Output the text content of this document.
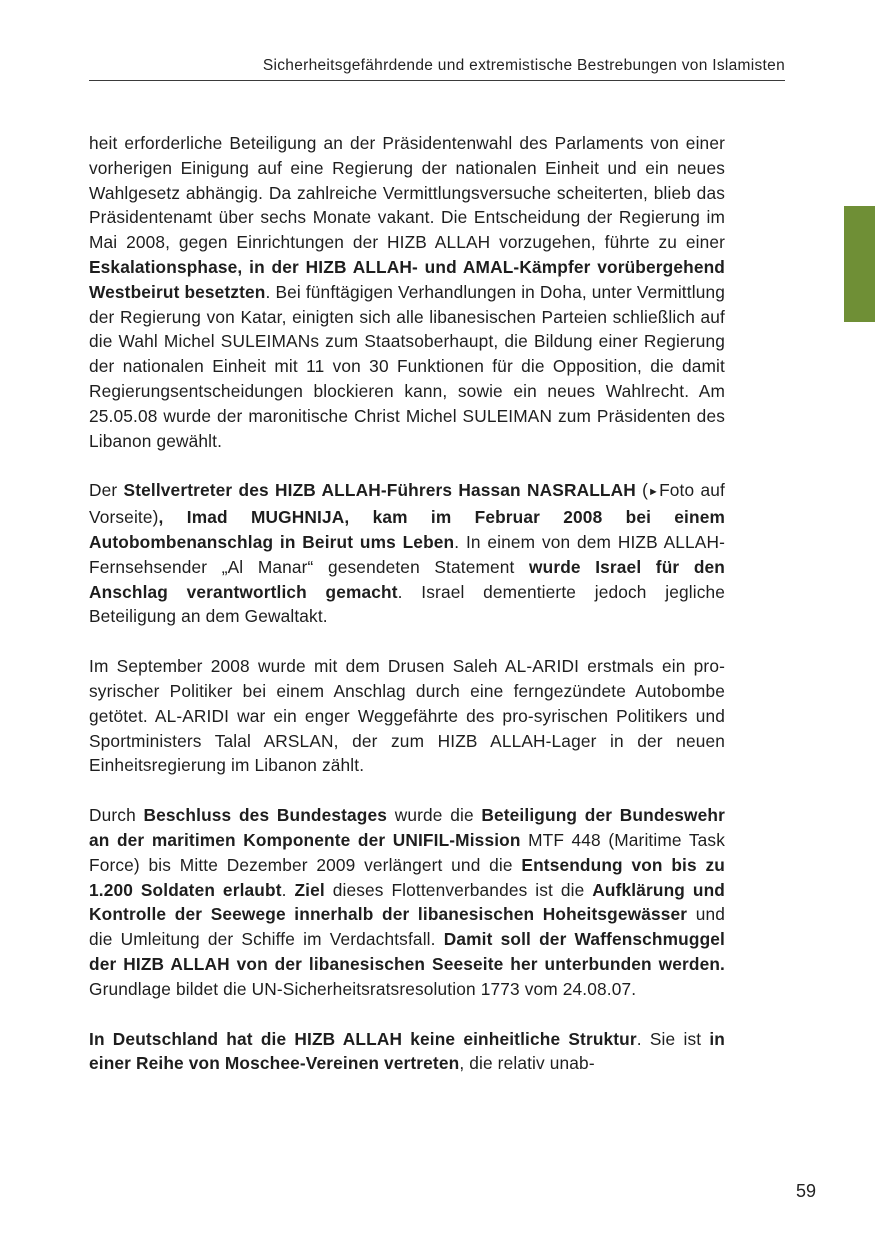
Sicherheitsgefährdende und extremistische Bestrebungen von Islamisten

heit erforderliche Beteiligung an der Präsidentenwahl des Parlaments von einer vorherigen Einigung auf eine Regierung der nationalen Einheit und ein neues Wahlgesetz abhängig. Da zahlreiche Vermittlungsversuche scheiterten, blieb das Präsidentenamt über sechs Monate vakant. Die Entscheidung der Regierung im Mai 2008, gegen Einrichtungen der HIZB ALLAH vorzugehen, führte zu einer Eskalationsphase, in der HIZB ALLAH- und AMAL-Kämpfer vorübergehend Westbeirut besetzten. Bei fünftägigen Verhandlungen in Doha, unter Vermittlung der Regierung von Katar, einigten sich alle libanesischen Parteien schließlich auf die Wahl Michel SULEIMANs zum Staatsoberhaupt, die Bildung einer Regierung der nationalen Einheit mit 11 von 30 Funktionen für die Opposition, die damit Regierungsentscheidungen blockieren kann, sowie ein neues Wahlrecht. Am 25.05.08 wurde der maronitische Christ Michel SULEIMAN zum Präsidenten des Libanon gewählt.

Der Stellvertreter des HIZB ALLAH-Führers Hassan NASRALLAH (►Foto auf Vorseite), Imad MUGHNIJA, kam im Februar 2008 bei einem Autobombenanschlag in Beirut ums Leben. In einem von dem HIZB ALLAH-Fernsehsender „Al Manar“ gesendeten Statement wurde Israel für den Anschlag verantwortlich gemacht. Israel dementierte jedoch jegliche Beteiligung an dem Gewaltakt.

Im September 2008 wurde mit dem Drusen Saleh AL-ARIDI erstmals ein pro-syrischer Politiker bei einem Anschlag durch eine ferngezündete Autobombe getötet. AL-ARIDI war ein enger Weggefährte des pro-syrischen Politikers und Sportministers Talal ARSLAN, der zum HIZB ALLAH-Lager in der neuen Einheitsregierung im Libanon zählt.

Durch Beschluss des Bundestages wurde die Beteiligung der Bundeswehr an der maritimen Komponente der UNIFIL-Mission MTF 448 (Maritime Task Force) bis Mitte Dezember 2009 verlängert und die Entsendung von bis zu 1.200 Soldaten erlaubt. Ziel dieses Flottenverbandes ist die Aufklärung und Kontrolle der Seewege innerhalb der libanesischen Hoheitsgewässer und die Umleitung der Schiffe im Verdachtsfall. Damit soll der Waffenschmuggel der HIZB ALLAH von der libanesischen Seeseite her unterbunden werden. Grundlage bildet die UN-Sicherheitsratsresolution 1773 vom 24.08.07.

In Deutschland hat die HIZB ALLAH keine einheitliche Struktur. Sie ist in einer Reihe von Moschee-Vereinen vertreten, die relativ unab-

59
